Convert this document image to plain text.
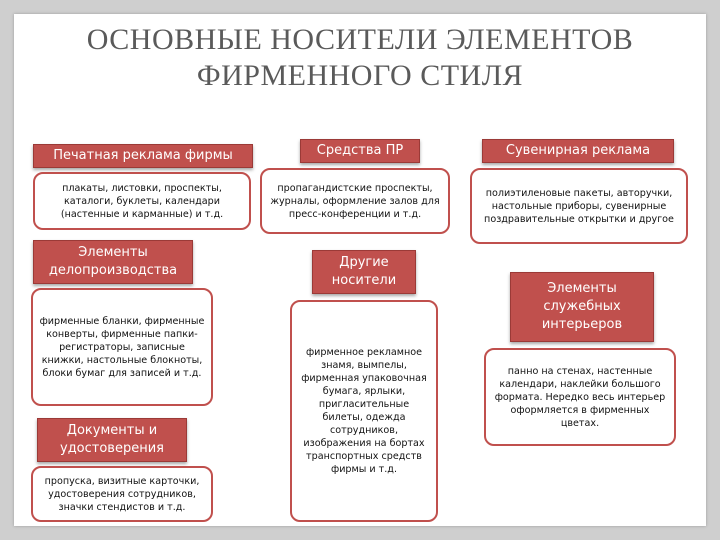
ОСНОВНЫЕ НОСИТЕЛИ ЭЛЕМЕНТОВ
ФИРМЕННОГО СТИЛЯ
Печатная реклама фирмы
плакаты, листовки, проспекты, каталоги, буклеты, календари (настенные и карманные) и т.д.
Элементы делопроизводства
фирменные бланки, фирменные конверты, фирменные папки-регистраторы, записные книжки, настольные блокноты, блоки бумаг для записей и т.д.
Документы и удостоверения
пропуска, визитные карточки, удостоверения сотрудников, значки стендистов и т.д.
Средства ПР
пропагандистские проспекты, журналы, оформление залов для пресс-конференции и т.д.
Другие носители
фирменное рекламное знамя, вымпелы, фирменная упаковочная бумага, ярлыки, пригласительные билеты, одежда сотрудников, изображения на бортах транспортных средств фирмы и т.д.
Сувенирная реклама
полиэтиленовые пакеты, авторучки, настольные приборы, сувенирные поздравительные открытки и другое
Элементы служебных интерьеров
панно на стенах, настенные календари, наклейки большого формата. Нередко весь интерьер оформляется в фирменных цветах.
